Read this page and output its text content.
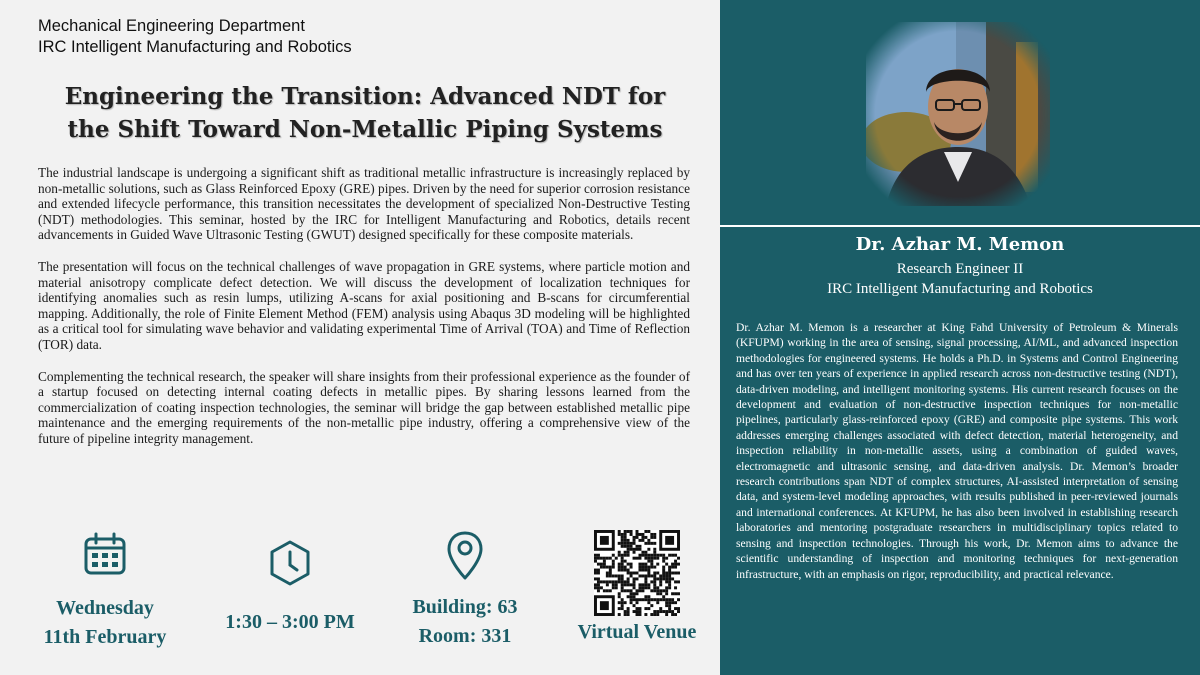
Mechanical Engineering Department
IRC Intelligent Manufacturing and Robotics
Engineering the Transition: Advanced NDT for
the Shift Toward Non-Metallic Piping Systems

The industrial landscape is undergoing a significant shift as traditional metallic infrastructure is increasingly replaced by non-metallic solutions, such as Glass Reinforced Epoxy (GRE) pipes. Driven by the need for superior corrosion resistance and extended lifecycle performance, this transition necessitates the development of specialized Non-Destructive Testing (NDT) methodologies. This seminar, hosted by the IRC for Intelligent Manufacturing and Robotics, details recent advancements in Guided Wave Ultrasonic Testing (GWUT) designed specifically for these composite materials.

The presentation will focus on the technical challenges of wave propagation in GRE systems, where particle motion and material anisotropy complicate defect detection. We will discuss the development of localization techniques for identifying anomalies such as resin lumps, utilizing A-scans for axial positioning and B-scans for circumferential mapping. Additionally, the role of Finite Element Method (FEM) analysis using Abaqus 3D modeling will be highlighted as a critical tool for simulating wave behavior and validating experimental Time of Arrival (TOA) and Time of Reflection (TOR) data.

Complementing the technical research, the speaker will share insights from their professional experience as the founder of a startup focused on detecting internal coating defects in metallic pipes. By sharing lessons learned from the commercialization of coating inspection technologies, the seminar will bridge the gap between established metallic pipe maintenance and the emerging requirements of the non-metallic pipe industry, offering a comprehensive view of the future of pipeline integrity management.

Wednesday
11th February
1:30 – 3:00 PM
Building: 63
Room: 331	Virtual Venue
Dr. Azhar M. Memon
Research Engineer II
IRC Intelligent Manufacturing and Robotics
Dr. Azhar M. Memon is a researcher at King Fahd University of Petroleum & Minerals (KFUPM) working in the area of sensing, signal processing, AI/ML, and advanced inspection methodologies for engineered systems. He holds a Ph.D. in Systems and Control Engineering and has over ten years of experience in applied research across non-destructive testing (NDT), data-driven modeling, and intelligent monitoring systems. His current research focuses on the development and evaluation of non-destructive inspection techniques for non-metallic pipelines, particularly glass-reinforced epoxy (GRE) and composite pipe systems. This work addresses emerging challenges associated with defect detection, material heterogeneity, and inspection reliability in non-metallic assets, using a combination of guided waves, electromagnetic and ultrasonic sensing, and data-driven analysis. Dr. Memon’s broader research contributions span NDT of complex structures, AI-assisted interpretation of sensing data, and system-level modeling approaches, with results published in peer-reviewed journals and international conferences. At KFUPM, he has also been involved in establishing research laboratories and mentoring postgraduate researchers in multidisciplinary topics related to sensing and inspection technologies. Through his work, Dr. Memon aims to advance the scientific understanding of inspection and monitoring techniques for next-generation infrastructure, with an emphasis on rigor, reproducibility, and practical relevance.
